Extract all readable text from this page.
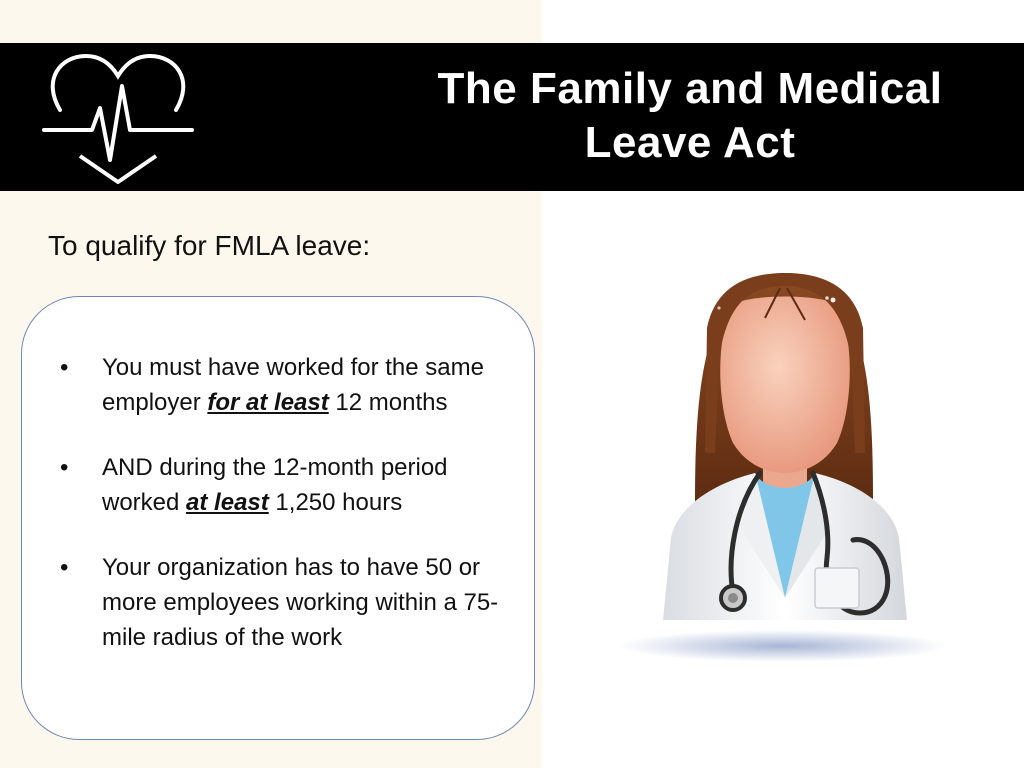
The Family and Medical
Leave Act
To qualify for FMLA leave:
• You must have worked for the same employer for at least 12 months
• AND during the 12-month period worked at least 1,250 hours
• Your organization has to have 50 or more employees working within a 75-mile radius of the work
